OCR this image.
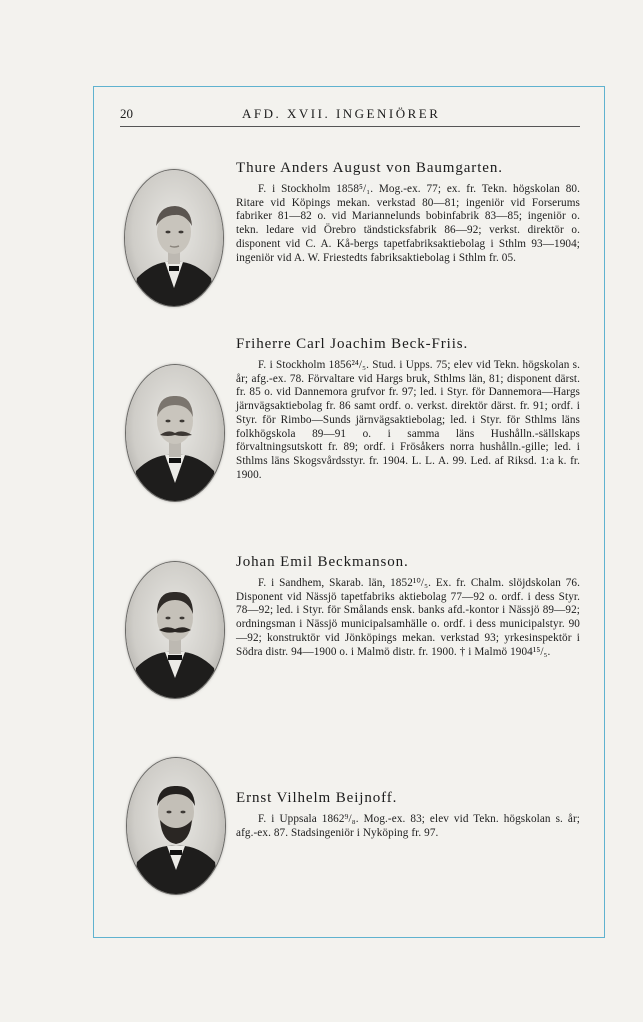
20	AFD. XVII. INGENIÖRER

Thure Anders August von Baumgarten.

F. i Stockholm 1858⁵/₁. Mog.-ex. 77; ex. fr. Tekn. högskolan 80. Ritare vid Köpings mekan. verkstad 80—81; ingeniör vid Forserums fabriker 81—82 o. vid Mariannelunds bobinfabrik 83—85; ingeniör o. tekn. ledare vid Örebro tändsticksfabrik 86—92; verkst. direktör o. disponent vid C. A. Kå-bergs tapetfabriksaktiebolag i Sthlm 93—1904; ingeniör vid A. W. Friestedts fabriksaktiebolag i Sthlm fr. 05.

Friherre Carl Joachim Beck-Friis.

F. i Stockholm 1856²⁴/₅. Stud. i Upps. 75; elev vid Tekn. högskolan s. år; afg.-ex. 78. Förvaltare vid Hargs bruk, Sthlms län, 81; disponent därst. fr. 85 o. vid Dannemora grufvor fr. 97; led. i Styr. för Dannemora—Hargs järnvägsaktiebolag fr. 86 samt ordf. o. verkst. direktör därst. fr. 91; ordf. i Styr. för Rimbo—Sunds järnvägsaktiebolag; led. i Styr. för Sthlms läns folkhögskola 89—91 o. i samma läns Hushålln.-sällskaps förvaltningsutskott fr. 89; ordf. i Frösåkers norra hushålln.-gille; led. i Sthlms läns Skogsvårdsstyr. fr. 1904. L. L. A. 99. Led. af Riksd. 1:a k. fr. 1900.

Johan Emil Beckmanson.

F. i Sandhem, Skarab. län, 1852¹⁰/₅. Ex. fr. Chalm. slöjdskolan 76. Disponent vid Nässjö tapetfabriks aktiebolag 77—92 o. ordf. i dess Styr. 78—92; led. i Styr. för Smålands ensk. banks afd.-kontor i Nässjö 89—92; ordningsman i Nässjö municipalsamhälle o. ordf. i dess municipalstyr. 90—92; konstruktör vid Jönköpings mekan. verkstad 93; yrkesinspektör i Södra distr. 94—1900 o. i Malmö distr. fr. 1900. † i Malmö 1904¹⁵/₅.

Ernst Vilhelm Beijnoff.

F. i Uppsala 1862⁹/₈. Mog.-ex. 83; elev vid Tekn. högskolan s. år; afg.-ex. 87. Stadsingeniör i Nyköping fr. 97.
